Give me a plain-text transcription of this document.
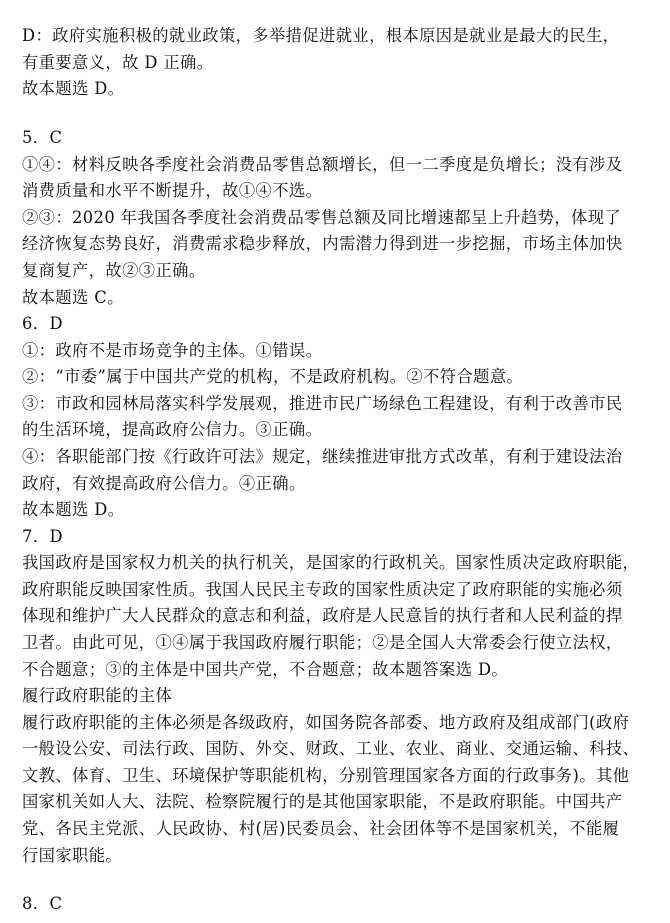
D：政府实施积极的就业政策，多举措促进就业，根本原因是就业是最大的民生，
有重要意义，故 D 正确。
故本题选 D。
5．C
①④：材料反映各季度社会消费品零售总额增长，但一二季度是负增长；没有涉及
消费质量和水平不断提升，故①④不选。
②③：2020 年我国各季度社会消费品零售总额及同比增速都呈上升趋势，体现了
经济恢复态势良好，消费需求稳步释放，内需潜力得到进一步挖掘，市场主体加快
复商复产，故②③正确。
故本题选 C。
6．D
①：政府不是市场竞争的主体。①错误。
②：“市委”属于中国共产党的机构，不是政府机构。②不符合题意。
③：市政和园林局落实科学发展观，推进市民广场绿色工程建设，有利于改善市民
的生活环境，提高政府公信力。③正确。
④：各职能部门按《行政许可法》规定，继续推进审批方式改革，有利于建设法治
政府，有效提高政府公信力。④正确。
故本题选 D。
7．D
我国政府是国家权力机关的执行机关，是国家的行政机关。国家性质决定政府职能，
政府职能反映国家性质。我国人民民主专政的国家性质决定了政府职能的实施必须
体现和维护广大人民群众的意志和利益，政府是人民意旨的执行者和人民利益的捍
卫者。由此可见，①④属于我国政府履行职能；②是全国人大常委会行使立法权，
不合题意；③的主体是中国共产党，不合题意；故本题答案选 D。
履行政府职能的主体
履行政府职能的主体必须是各级政府，如国务院各部委、地方政府及组成部门(政府
一般设公安、司法行政、国防、外交、财政、工业、农业、商业、交通运输、科技、
文教、体育、卫生、环境保护等职能机构，分别管理国家各方面的行政事务)。其他
国家机关如人大、法院、检察院履行的是其他国家职能，不是政府职能。中国共产
党、各民主党派、人民政协、村(居)民委员会、社会团体等不是国家机关，不能履
行国家职能。
8．C
